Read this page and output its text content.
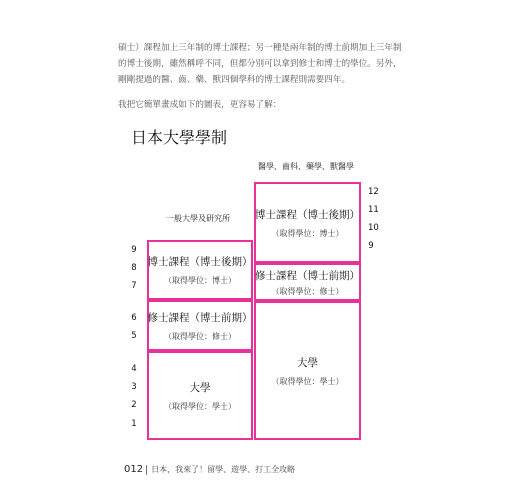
碩士）課程加上三年制的博士課程；另一種是兩年制的博士前期加上三年制
的博士後期，雖然稱呼不同，但都分別可以拿到修士和博士的學位。另外，
剛剛提過的醫、齒、藥、獸四個學科的博士課程則需要四年。
我把它簡單畫成如下的圖表，更容易了解：
日本大學學制
醫學、齒科、藥學、獸醫學
一般大學及研究所
博士課程（博士後期）
（取得學位：博士）
修士課程（博士前期）
（取得學位：修士）
大學
（取得學位：學士）
博士課程（博士後期）
（取得學位：博士）
修士課程（博士前期）
（取得學位：修士）
大學
（取得學位：學士）
9
8
7
6
5
4
3
2
1
12
11
10
9
012 日本，我來了！留學、遊學、打工全攻略
